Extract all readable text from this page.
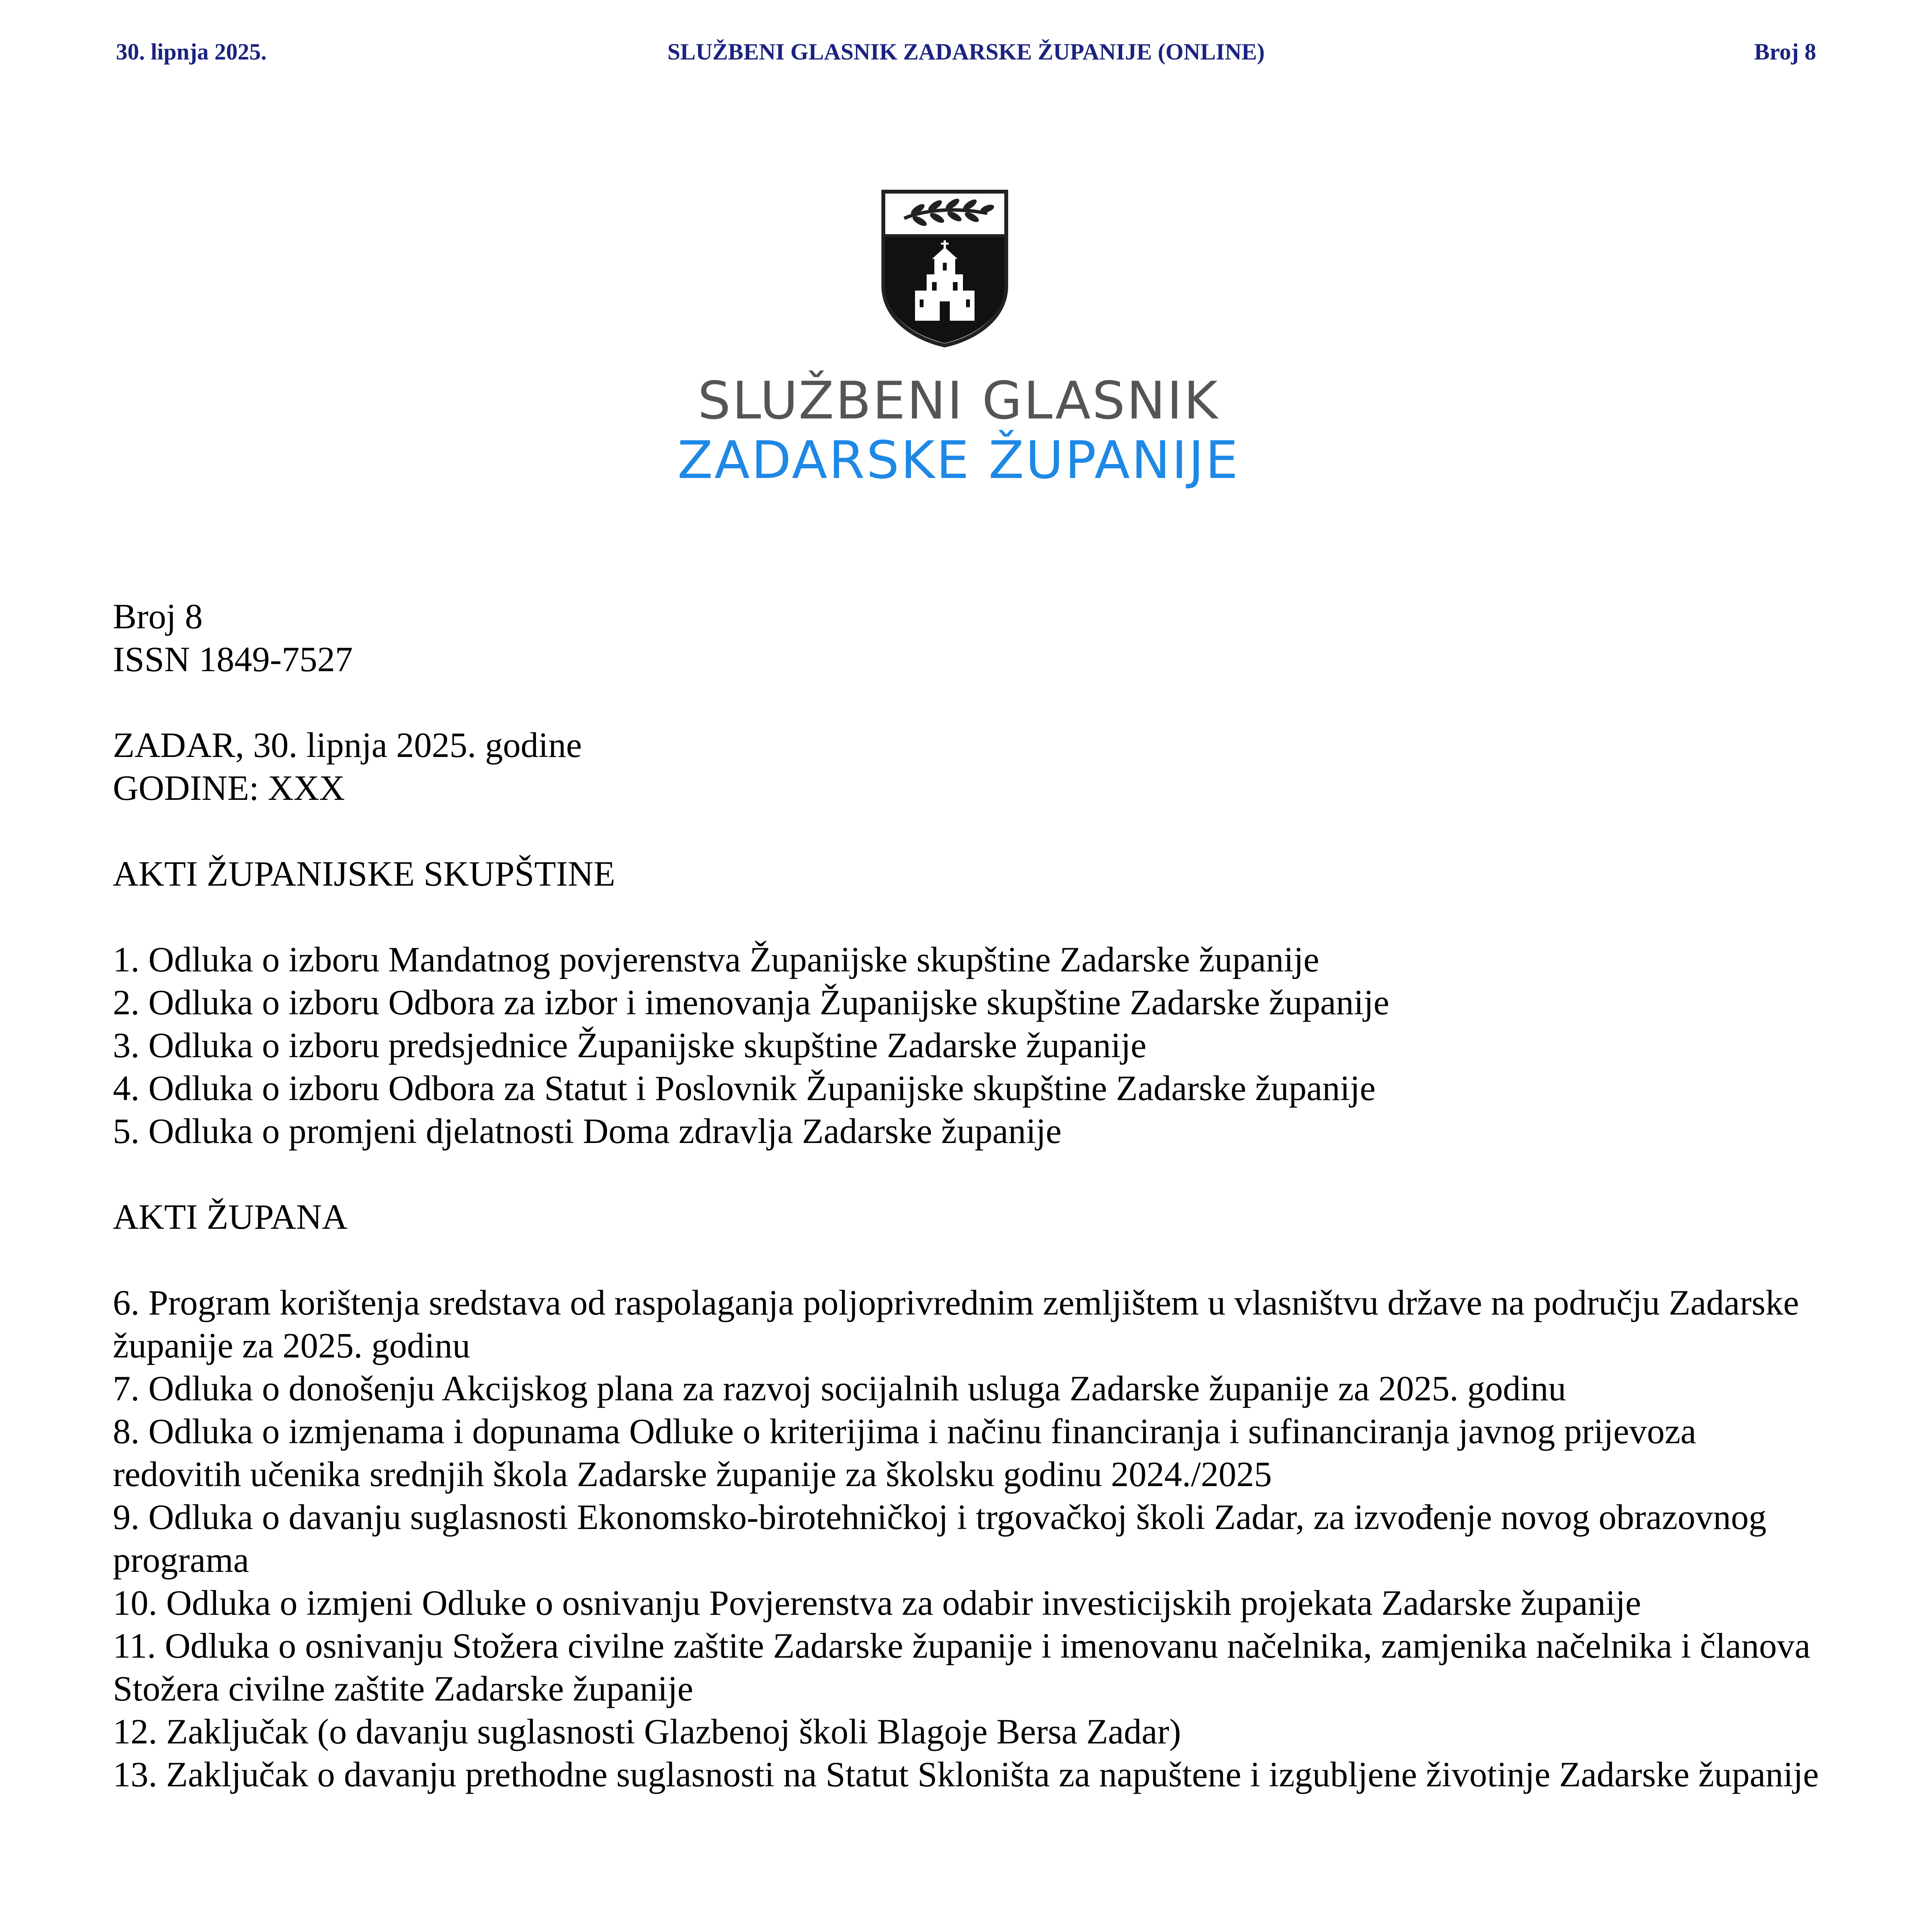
30. lipnja 2025.	SLUŽBENI GLASNIK ZADARSKE ŽUPANIJE (ONLINE)	Broj 8
SLUŽBENI GLASNIK
ZADARSKE ŽUPANIJE

Broj 8

ISSN 1849-7527

ZADAR, 30. lipnja 2025. godine

GODINE: XXX

AKTI ŽUPANIJSKE SKUPŠTINE

1. Odluka o izboru Mandatnog povjerenstva Županijske skupštine Zadarske županije
2. Odluka o izboru Odbora za izbor i imenovanja Županijske skupštine Zadarske županije
3. Odluka o izboru predsjednice Županijske skupštine Zadarske županije
4. Odluka o izboru Odbora za Statut i Poslovnik Županijske skupštine Zadarske županije
5. Odluka o promjeni djelatnosti Doma zdravlja Zadarske županije

AKTI ŽUPANA

6. Program korištenja sredstava od raspolaganja poljoprivrednim zemljištem u vlasništvu države na području Zadarske županije za 2025. godinu
7. Odluka o donošenju Akcijskog plana za razvoj socijalnih usluga Zadarske županije za 2025. godinu
8. Odluka o izmjenama i dopunama Odluke o kriterijima i načinu financiranja i sufinanciranja javnog prijevoza redovitih učenika srednjih škola Zadarske županije za školsku godinu 2024./2025
9. Odluka o davanju suglasnosti Ekonomsko-birotehničkoj i trgovačkoj školi Zadar, za izvođenje novog obrazovnog programa
10. Odluka o izmjeni Odluke o osnivanju Povjerenstva za odabir investicijskih projekata Zadarske županije
11. Odluka o osnivanju Stožera civilne zaštite Zadarske županije i imenovanu načelnika, zamjenika načelnika i članova Stožera civilne zaštite Zadarske županije
12. Zaključak (o davanju suglasnosti Glazbenoj školi Blagoje Bersa Zadar)
13. Zaključak o davanju prethodne suglasnosti na Statut Skloništa za napuštene i izgubljene životinje Zadarske županije
